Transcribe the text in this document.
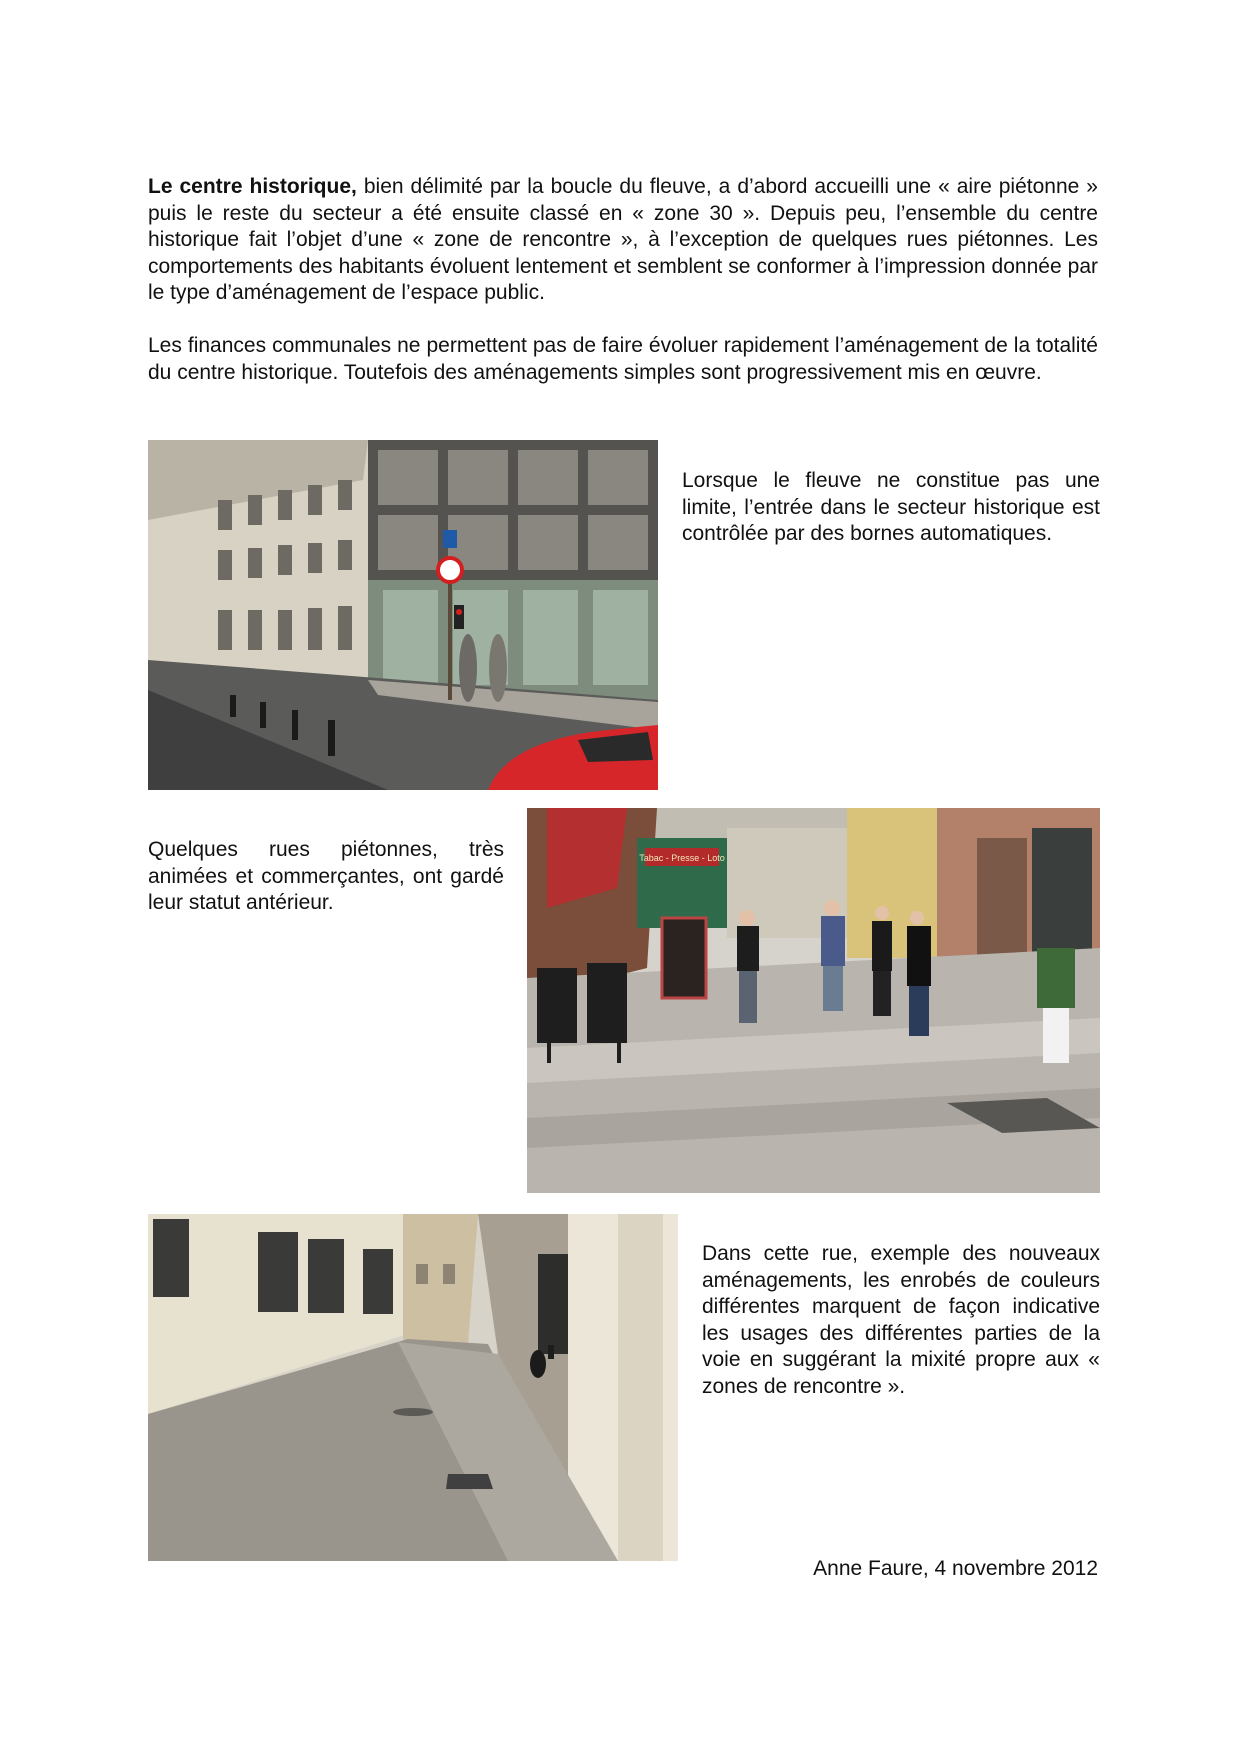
Le centre historique, bien délimité par la boucle du fleuve, a d’abord accueilli une « aire piétonne » puis le reste du secteur a été ensuite classé en « zone 30 ». Depuis peu, l’ensemble du centre historique fait l’objet d’une « zone de rencontre », à l’exception de quelques rues piétonnes. Les comportements des habitants évoluent lentement et semblent se conformer à l’impression donnée par le type d’aménagement de l’espace public.

Les finances communales ne permettent pas de faire évoluer rapidement l’aménagement de la totalité du centre historique. Toutefois des aménagements simples sont progressivement mis en œuvre.

Lorsque le fleuve ne constitue pas une limite, l’entrée dans le secteur historique est contrôlée par des bornes automatiques.

Quelques rues piétonnes, très animées et commerçantes, ont gardé leur statut antérieur.

Tabac - Presse - Loto

Dans cette rue, exemple des nouveaux aménagements, les enrobés de couleurs différentes marquent de façon indicative les usages des différentes parties de la voie en suggérant la mixité propre aux « zones de rencontre ».

Anne Faure, 4 novembre 2012
